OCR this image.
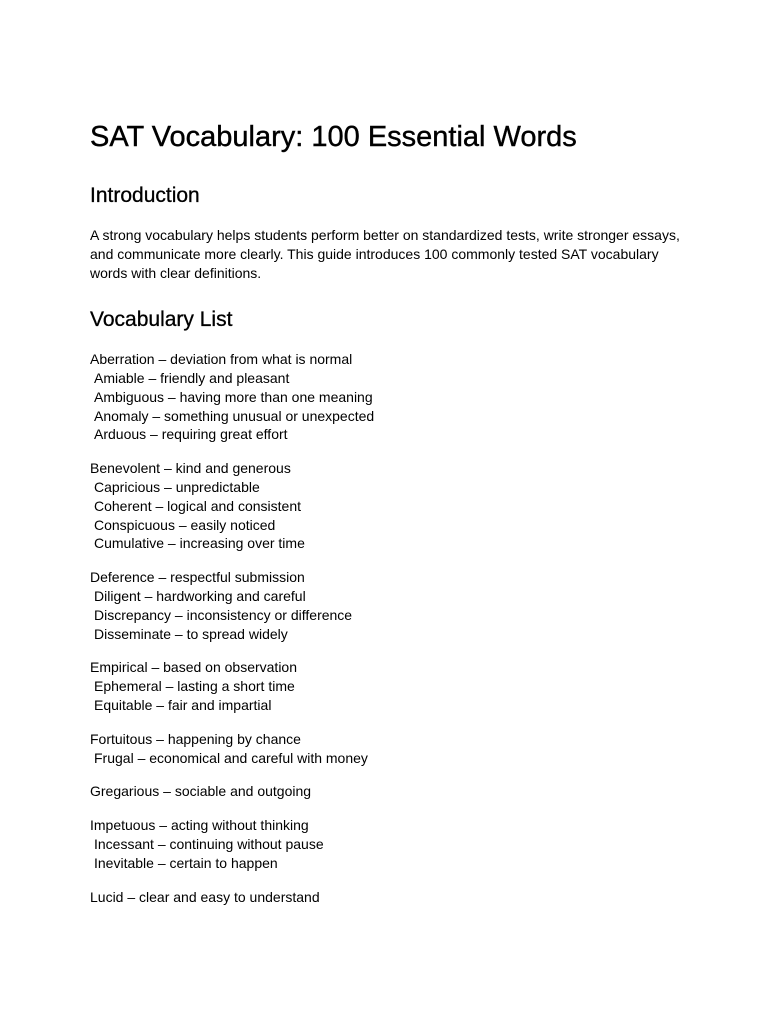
SAT Vocabulary: 100 Essential Words
Introduction

A strong vocabulary helps students perform better on standardized tests, write stronger essays, and communicate more clearly. This guide introduces 100 commonly tested SAT vocabulary words with clear definitions.

Vocabulary List
Aberration – deviation from what is normal
Amiable – friendly and pleasant
Ambiguous – having more than one meaning
Anomaly – something unusual or unexpected
Arduous – requiring great effort
Benevolent – kind and generous
Capricious – unpredictable
Coherent – logical and consistent
Conspicuous – easily noticed
Cumulative – increasing over time
Deference – respectful submission
Diligent – hardworking and careful
Discrepancy – inconsistency or difference
Disseminate – to spread widely
Empirical – based on observation
Ephemeral – lasting a short time
Equitable – fair and impartial
Fortuitous – happening by chance
Frugal – economical and careful with money
Gregarious – sociable and outgoing
Impetuous – acting without thinking
Incessant – continuing without pause
Inevitable – certain to happen
Lucid – clear and easy to understand
